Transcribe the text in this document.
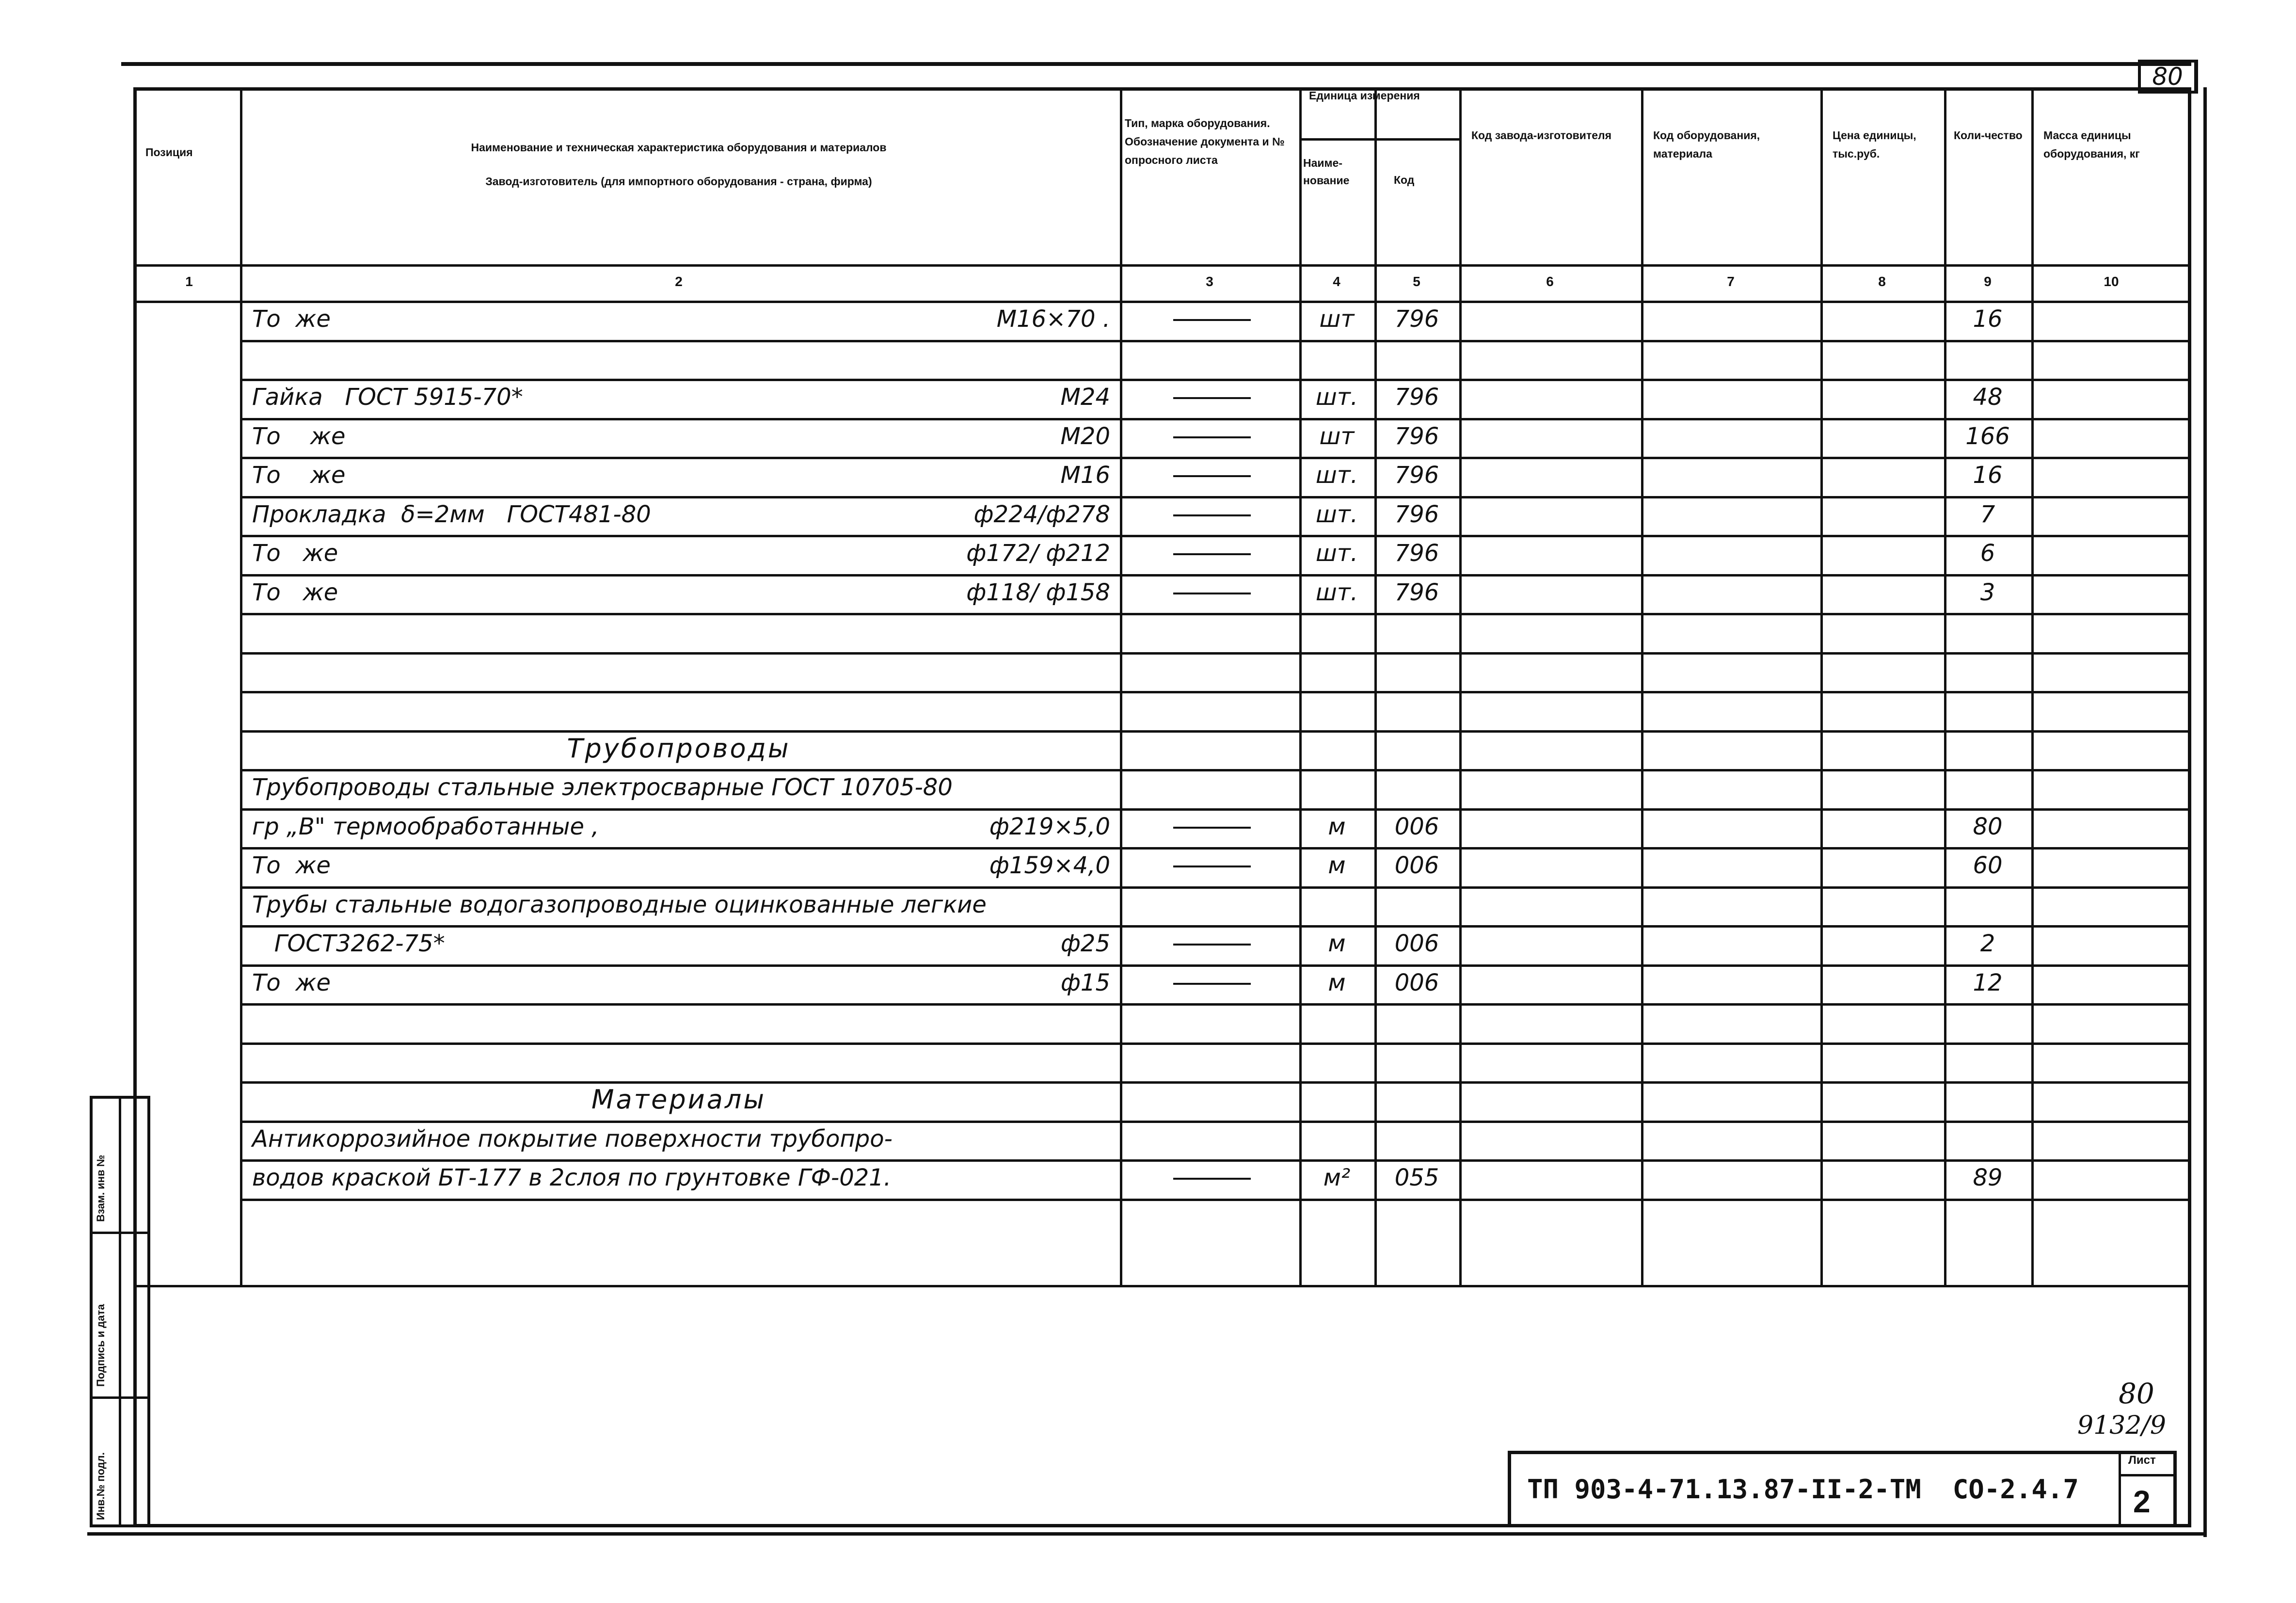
80
Позиция	Наименование и техническая характеристика оборудования и материалов
Завод-изготовитель (для импортного оборудования - страна, фирма)
Тип, марка оборудования. Обозначение документа и № опросного листа
Единица измерения
Наиме-нование	Код
Код завода-изготовителя	Код оборудования, материала
Цена единицы, тыс.руб.
Коли-чество	Масса единицы оборудования, кг
1	2	3	4	5	6	7	8	9	10
То  же	М16×70 .	шт	796	16
Гайка   ГОСТ 5915-70*	М24	шт.	796	48
То    же	М20	шт	796	166
То    же	М16	шт.	796	16
Прокладка  δ=2мм   ГОСТ481-80	ф224/ф278	шт.	796	7
То   же	ф172/ ф212	шт.	796	6
То   же	ф118/ ф158	шт.	796	3
Трубопроводы
Трубопроводы стальные электросварные ГОСТ 10705-80
гр „В" термообработанные ,	ф219×5,0	м	006	80
То  же	ф159×4,0	м	006	60
Трубы стальные водогазопроводные оцинкованные легкие
ГОСТ3262-75*	ф25	м	006	2
То  же	ф15	м	006	12
Материалы
Антикоррозийное покрытие поверхности трубопро-
водов краской БТ-177 в 2слоя по грунтовке ГФ-021.	м²	055	89
Взам. инв №
Подпись и дата
Инв.№ подл.
80
9132/9
ТП 903-4-71.13.87-II-2-ТМ  СО-2.4.7
Лист
2
